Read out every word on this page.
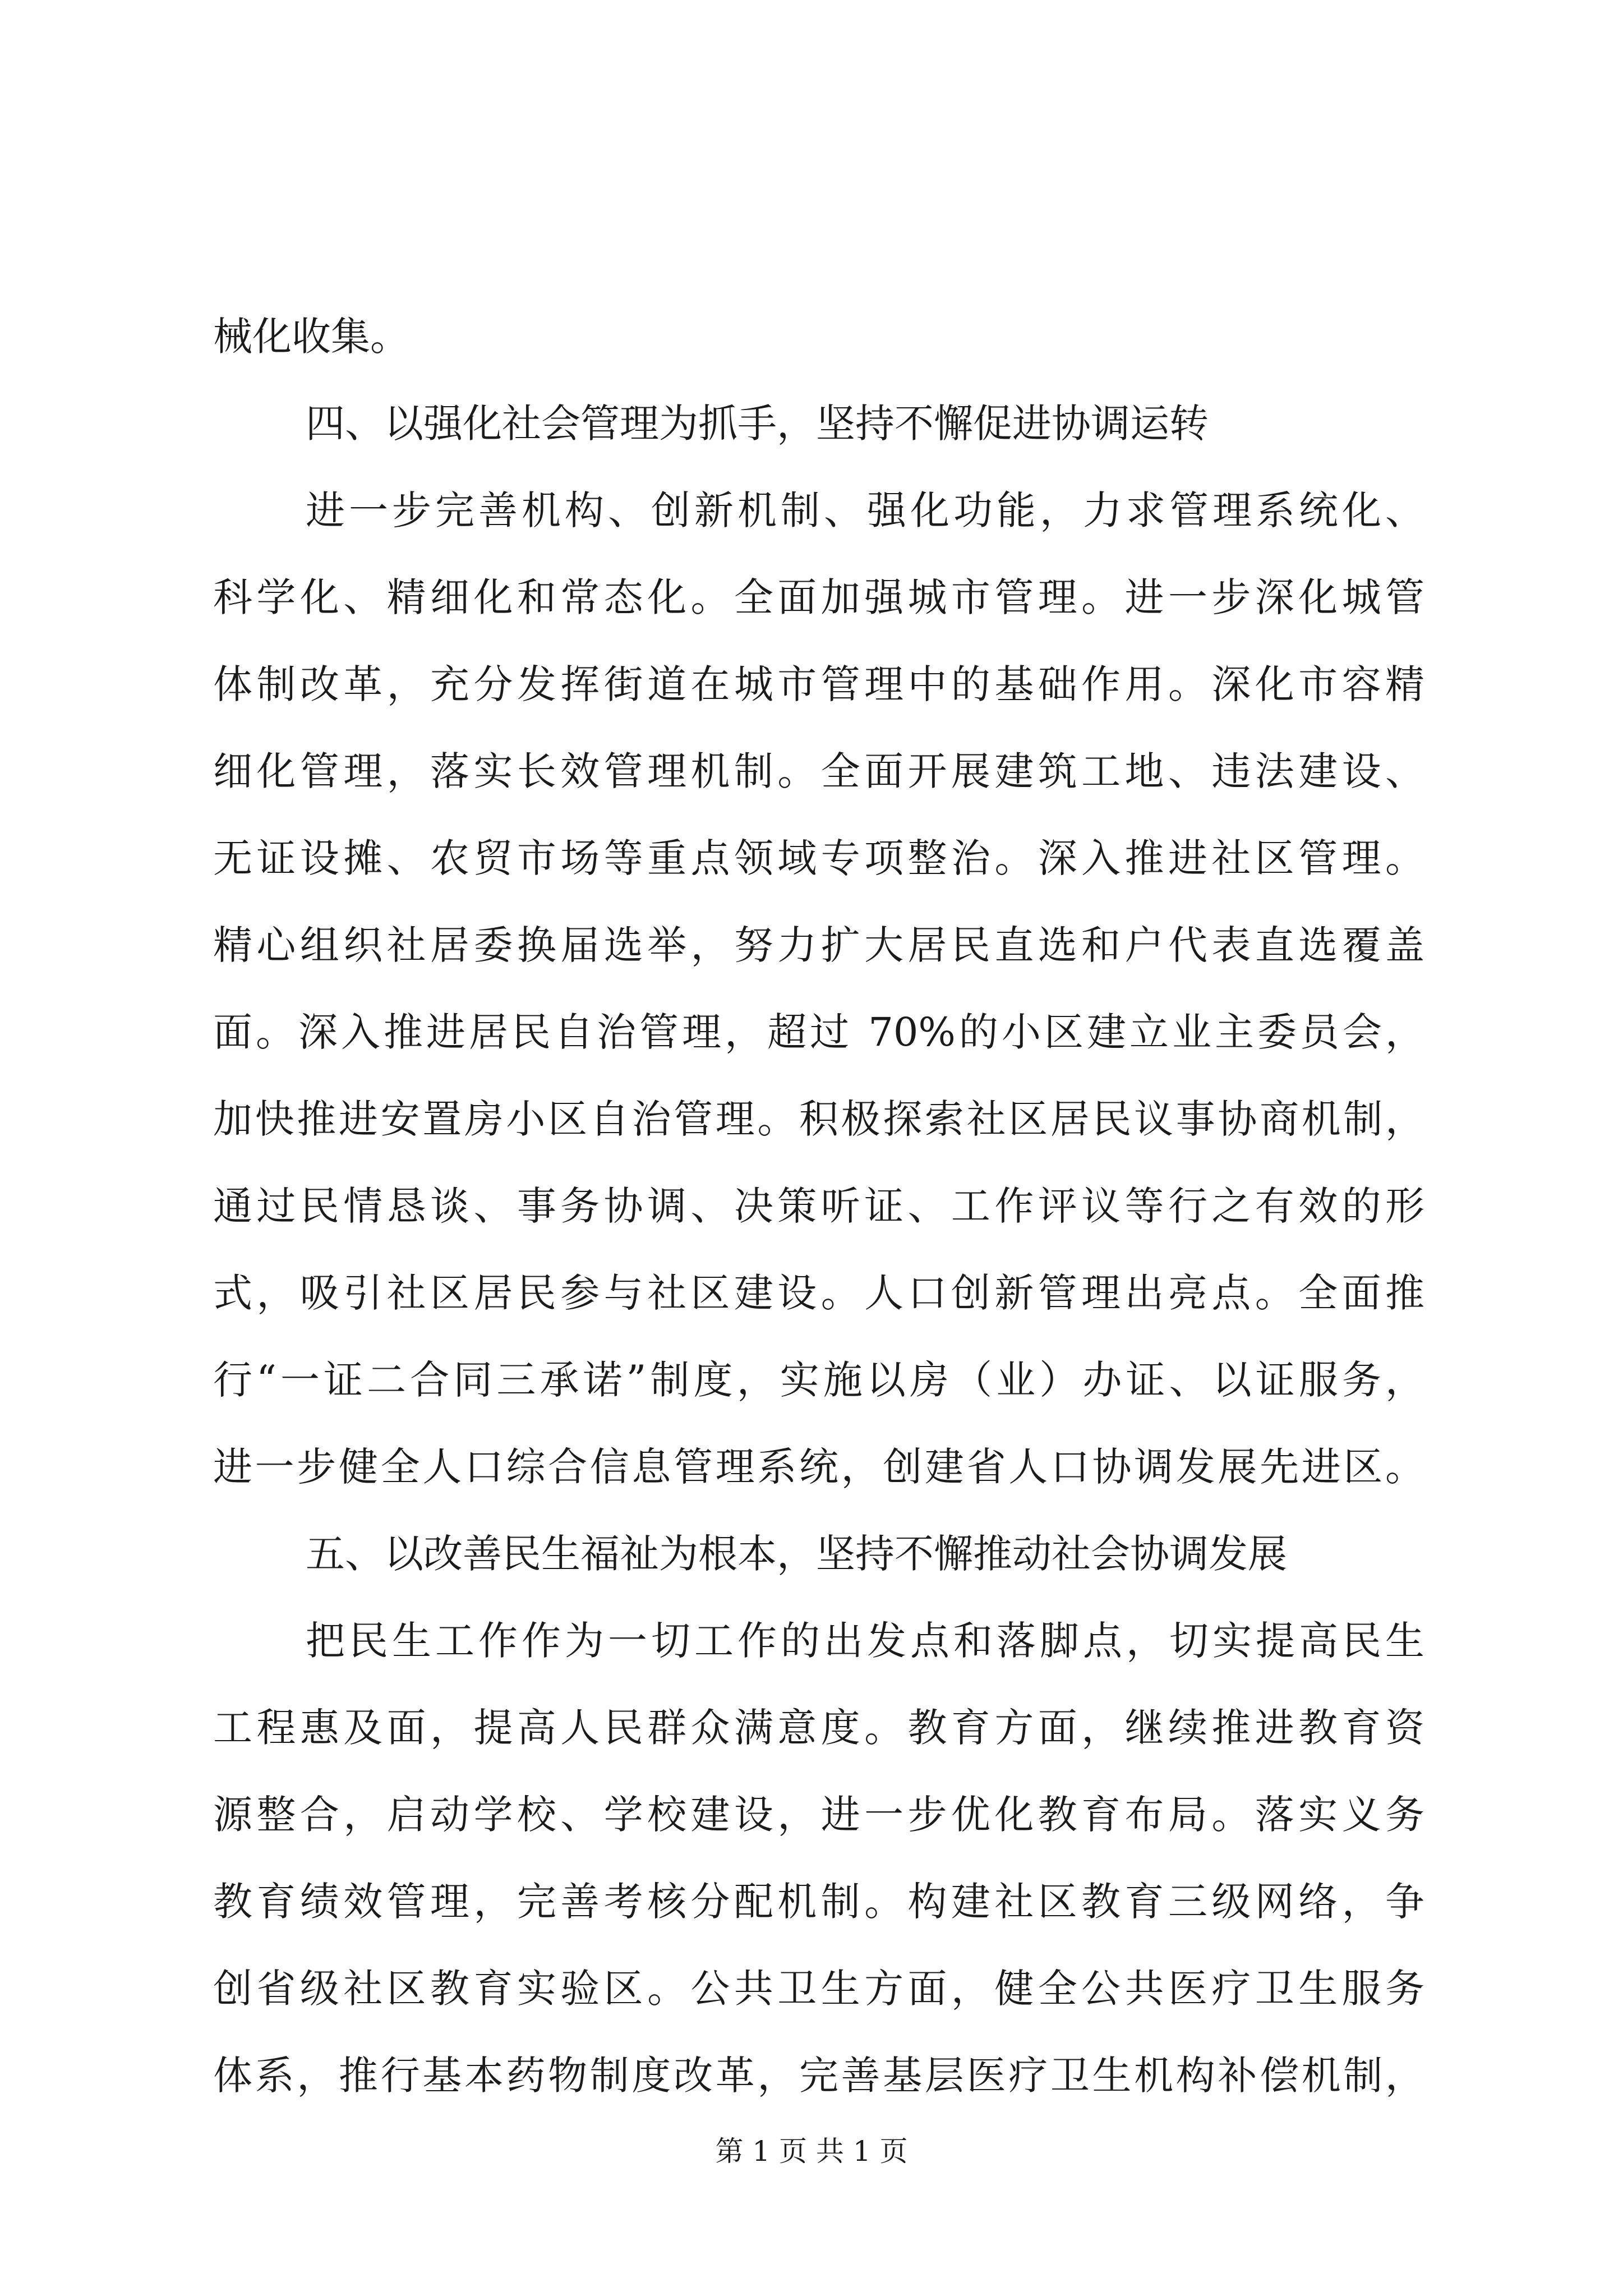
械化收集。
四、以强化社会管理为抓手，坚持不懈促进协调运转
进一步完善机构、创新机制、强化功能，力求管理系统化、
科学化、精细化和常态化。全面加强城市管理。进一步深化城管
体制改革，充分发挥街道在城市管理中的基础作用。深化市容精
细化管理，落实长效管理机制。全面开展建筑工地、违法建设、
无证设摊、农贸市场等重点领域专项整治。深入推进社区管理。
精心组织社居委换届选举，努力扩大居民直选和户代表直选覆盖
面。深入推进居民自治管理，超过 70%的小区建立业主委员会，
加快推进安置房小区自治管理。积极探索社区居民议事协商机制，
通过民情恳谈、事务协调、决策听证、工作评议等行之有效的形
式，吸引社区居民参与社区建设。人口创新管理出亮点。全面推
行“一证二合同三承诺”制度，实施以房（业）办证、以证服务，
进一步健全人口综合信息管理系统，创建省人口协调发展先进区。
五、以改善民生福祉为根本，坚持不懈推动社会协调发展
把民生工作作为一切工作的出发点和落脚点，切实提高民生
工程惠及面，提高人民群众满意度。教育方面，继续推进教育资
源整合，启动学校、学校建设，进一步优化教育布局。落实义务
教育绩效管理，完善考核分配机制。构建社区教育三级网络，争
创省级社区教育实验区。公共卫生方面，健全公共医疗卫生服务
体系，推行基本药物制度改革，完善基层医疗卫生机构补偿机制，
第 1 页 共 1 页
